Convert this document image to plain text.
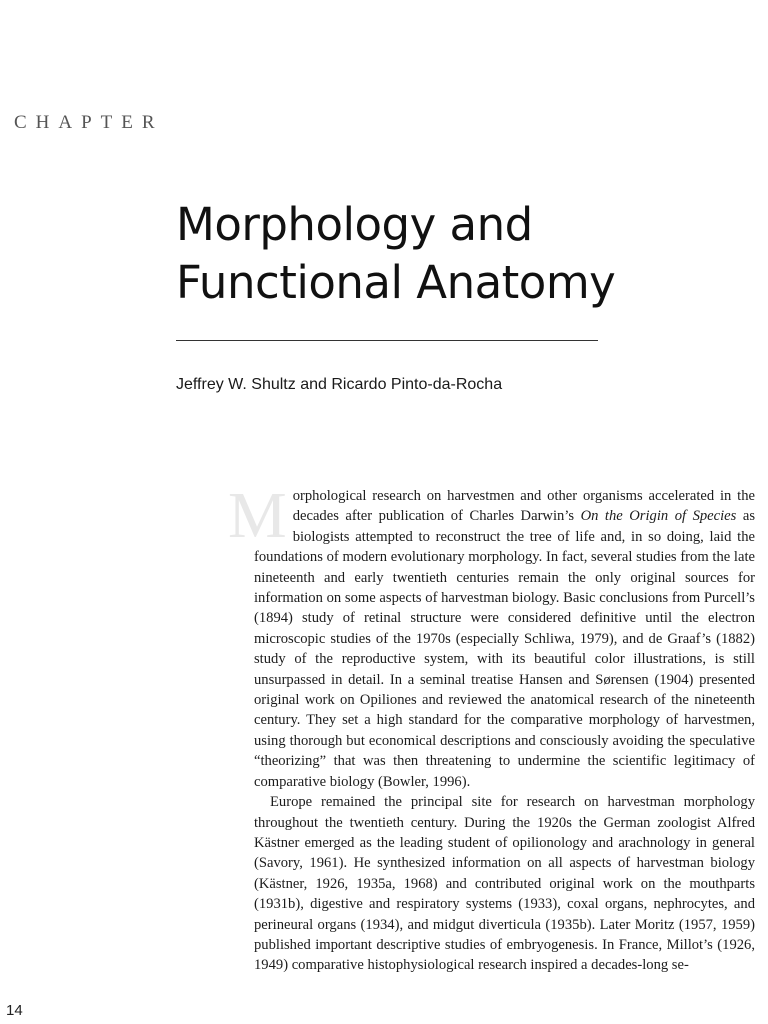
CHAPTER
Morphology and
Functional Anatomy
Jeffrey W. Shultz and Ricardo Pinto-da-Rocha

Morphological research on harvestmen and other organisms accelerated in the decades after publication of Charles Darwin’s On the Origin of Species as biologists attempted to reconstruct the tree of life and, in so doing, laid the foundations of modern evolutionary morphology. In fact, several studies from the late nineteenth and early twentieth centuries remain the only original sources for information on some aspects of harvestman biology. Basic conclusions from Purcell’s (1894) study of retinal structure were considered definitive until the electron microscopic studies of the 1970s (especially Schliwa, 1979), and de Graaf’s (1882) study of the reproductive system, with its beautiful color illustrations, is still unsurpassed in detail. In a seminal treatise Hansen and Sørensen (1904) presented original work on Opiliones and reviewed the anatomical research of the nineteenth century. They set a high standard for the comparative morphology of harvestmen, using thorough but economical descriptions and consciously avoiding the speculative “theorizing” that was then threatening to undermine the scientific legitimacy of comparative biology (Bowler, 1996).

Europe remained the principal site for research on harvestman morphology throughout the twentieth century. During the 1920s the German zoologist Alfred Kästner emerged as the leading student of opilionology and arachnology in general (Savory, 1961). He synthesized information on all aspects of harvestman biology (Kästner, 1926, 1935a, 1968) and contributed original work on the mouthparts (1931b), digestive and respiratory systems (1933), coxal organs, nephrocytes, and perineural organs (1934), and midgut diverticula (1935b). Later Moritz (1957, 1959) published important descriptive studies of embryogenesis. In France, Millot’s (1926, 1949) comparative histophysiological research inspired a decades-long se-

14
